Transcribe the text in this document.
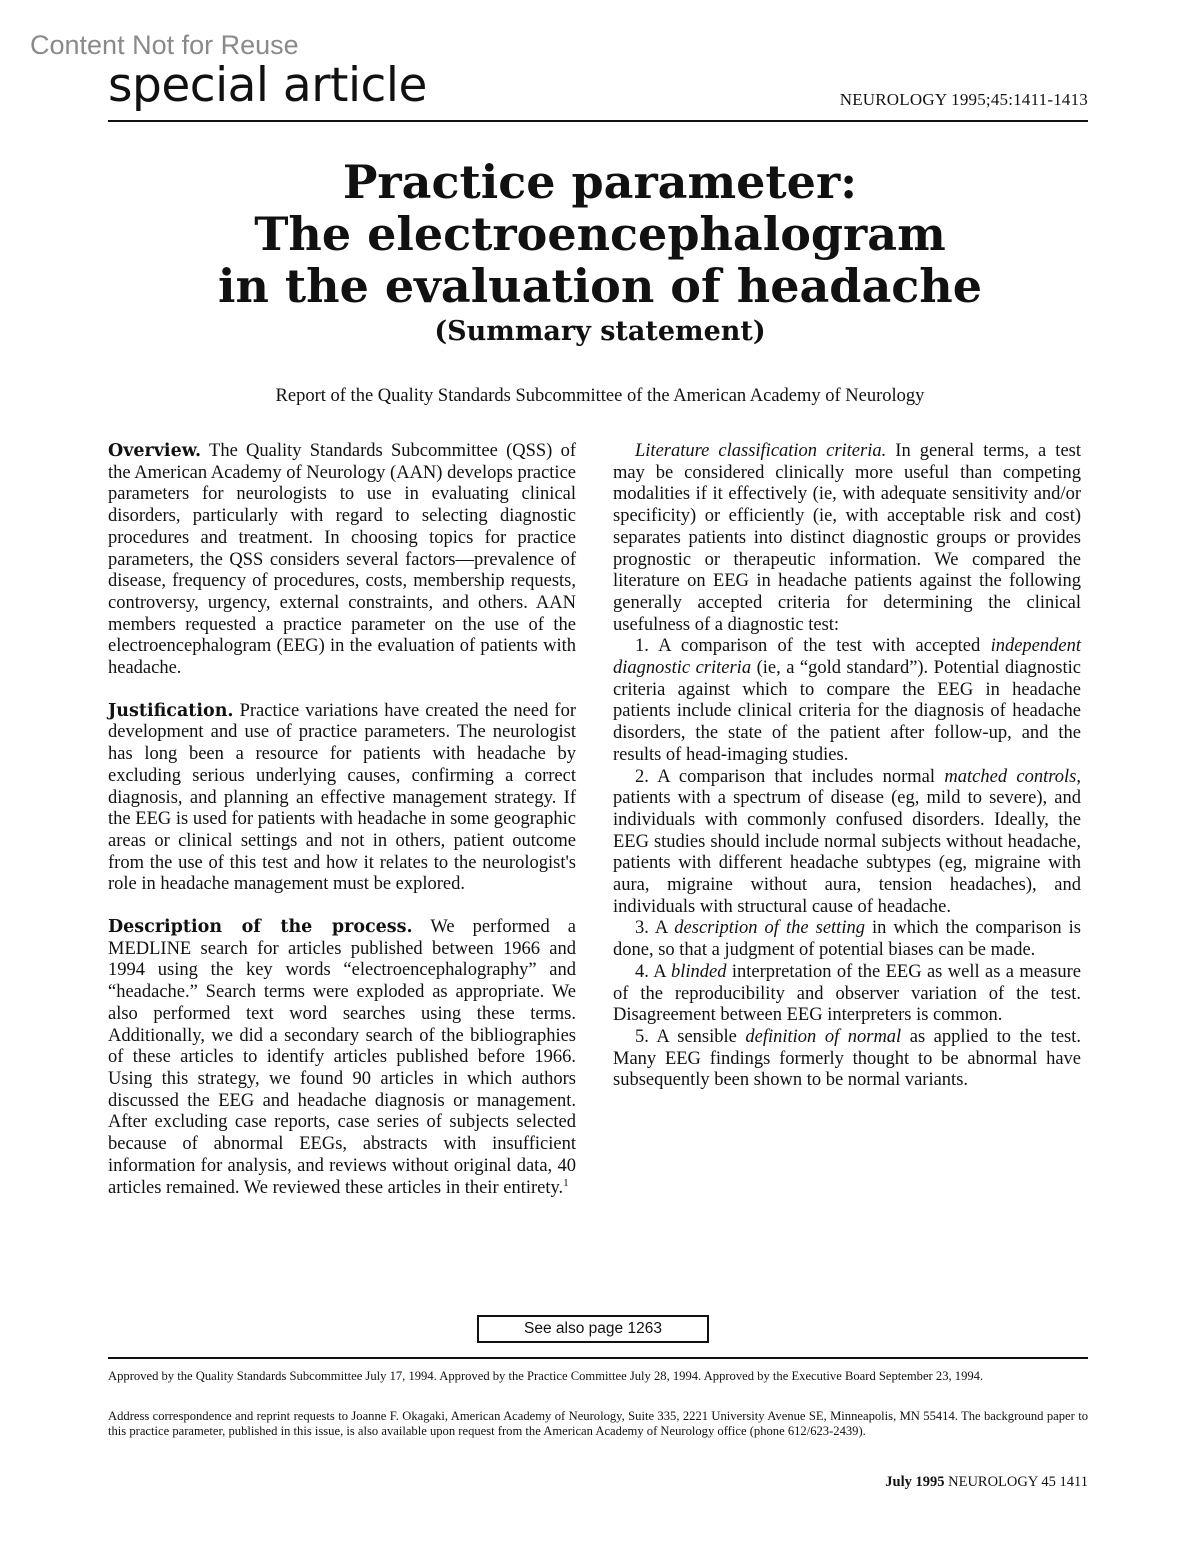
Content Not for Reuse
special article	NEUROLOGY 1995;45:1411-1413
Practice parameter:
The electroencephalogram
in the evaluation of headache
(Summary statement)
Report of the Quality Standards Subcommittee of the American Academy of Neurology

Overview. The Quality Standards Subcommittee (QSS) of the American Academy of Neurology (AAN) develops practice parameters for neurologists to use in evaluating clinical disorders, particularly with regard to selecting diagnostic procedures and treatment. In choosing topics for practice parameters, the QSS considers several factors—prevalence of disease, frequency of procedures, costs, membership requests, controversy, urgency, external constraints, and others. AAN members requested a practice parameter on the use of the electroencephalogram (EEG) in the evaluation of patients with headache.

Justification. Practice variations have created the need for development and use of practice parameters. The neurologist has long been a resource for patients with headache by excluding serious underlying causes, confirming a correct diagnosis, and planning an effective management strategy. If the EEG is used for patients with headache in some geographic areas or clinical settings and not in others, patient outcome from the use of this test and how it relates to the neurologist's role in headache management must be explored.

Description of the process. We performed a MEDLINE search for articles published between 1966 and 1994 using the key words “electroencephalography” and “headache.” Search terms were exploded as appropriate. We also performed text word searches using these terms. Additionally, we did a secondary search of the bibliographies of these articles to identify articles published before 1966. Using this strategy, we found 90 articles in which authors discussed the EEG and headache diagnosis or management. After excluding case reports, case series of subjects selected because of abnormal EEGs, abstracts with insufficient information for analysis, and reviews without original data, 40 articles remained. We reviewed these articles in their entirety.$^1$

Literature classification criteria. In general terms, a test may be considered clinically more useful than competing modalities if it effectively (ie, with adequate sensitivity and/or specificity) or efficiently (ie, with acceptable risk and cost) separates patients into distinct diagnostic groups or provides prognostic or therapeutic information. We compared the literature on EEG in headache patients against the following generally accepted criteria for determining the clinical usefulness of a diagnostic test:

1. A comparison of the test with accepted independent diagnostic criteria (ie, a “gold standard”). Potential diagnostic criteria against which to compare the EEG in headache patients include clinical criteria for the diagnosis of headache disorders, the state of the patient after follow-up, and the results of head-imaging studies.

2. A comparison that includes normal matched controls, patients with a spectrum of disease (eg, mild to severe), and individuals with commonly confused disorders. Ideally, the EEG studies should include normal subjects without headache, patients with different headache subtypes (eg, migraine with aura, migraine without aura, tension headaches), and individuals with structural cause of headache.

3. A description of the setting in which the comparison is done, so that a judgment of potential biases can be made.

4. A blinded interpretation of the EEG as well as a measure of the reproducibility and observer variation of the test. Disagreement between EEG interpreters is common.

5. A sensible definition of normal as applied to the test. Many EEG findings formerly thought to be abnormal have subsequently been shown to be normal variants.

See also page 1263
Approved by the Quality Standards Subcommittee July 17, 1994. Approved by the Practice Committee July 28, 1994. Approved by the Executive Board September 23, 1994.
Address correspondence and reprint requests to Joanne F. Okagaki, American Academy of Neurology, Suite 335, 2221 University Avenue SE, Minneapolis, MN 55414. The background paper to this practice parameter, published in this issue, is also available upon request from the American Academy of Neurology office (phone 612/623-2439).
July 1995 NEUROLOGY 45 1411
